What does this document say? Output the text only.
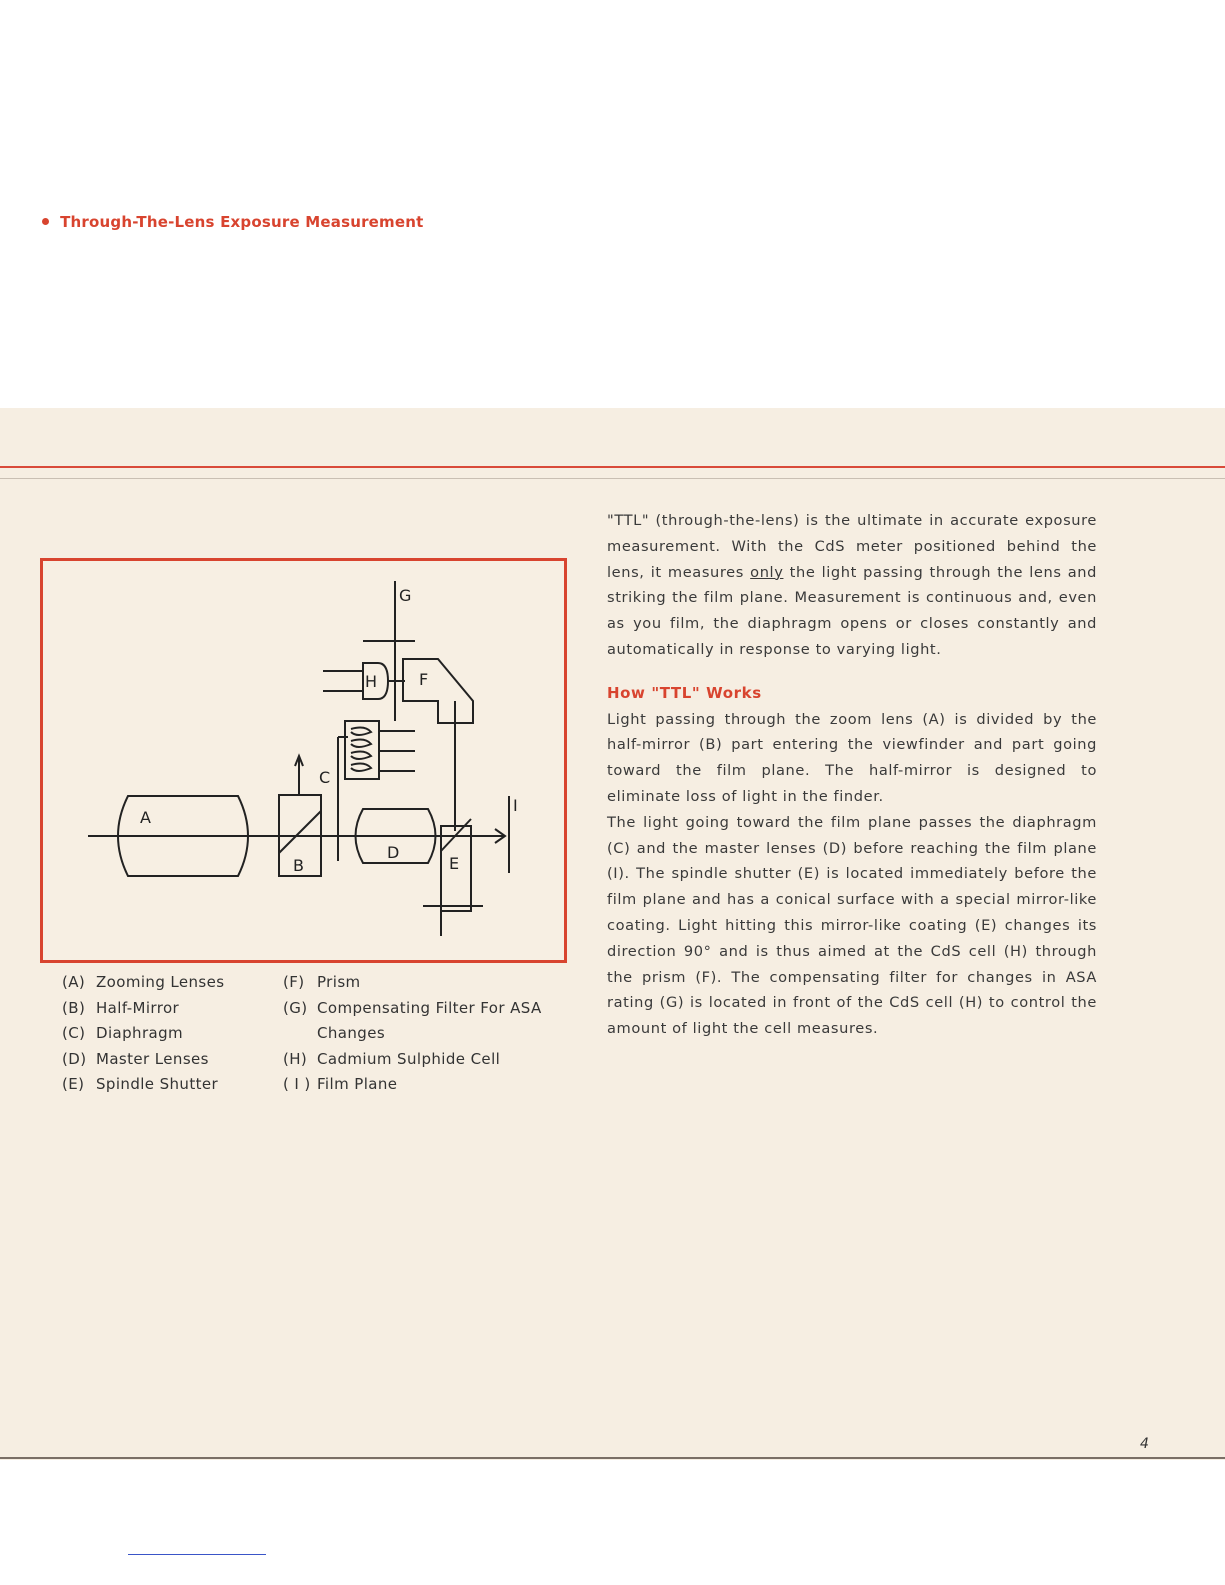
Through-The-Lens Exposure Measurement
A
B
C
D
E
F
G
H
I
(A) Zooming Lenses
(B) Half-Mirror
(C) Diaphragm
(D) Master Lenses
(E) Spindle Shutter
(F) Prism
(G) Compensating Filter For ASA
Changes
(H) Cadmium Sulphide Cell
( I ) Film Plane

"TTL" (through-the-lens) is the ultimate in accurate exposure measurement. With the CdS meter positioned behind the lens, it measures only the light passing through the lens and striking the film plane. Measurement is continuous and, even as you film, the diaphragm opens or closes constantly and automatically in response to varying light.

How "TTL" Works

Light passing through the zoom lens (A) is divided by the half-mirror (B) part entering the viewfinder and part going toward the film plane. The half-mirror is designed to eliminate loss of light in the finder.

The light going toward the film plane passes the diaphragm (C) and the master lenses (D) before reaching the film plane (I). The spindle shutter (E) is located immediately before the film plane and has a conical surface with a special mirror-like coating. Light hitting this mirror-like coating (E) changes its direction 90° and is thus aimed at the CdS cell (H) through the prism (F). The compensating filter for changes in ASA rating (G) is located in front of the CdS cell (H) to control the amount of light the cell measures.

4
